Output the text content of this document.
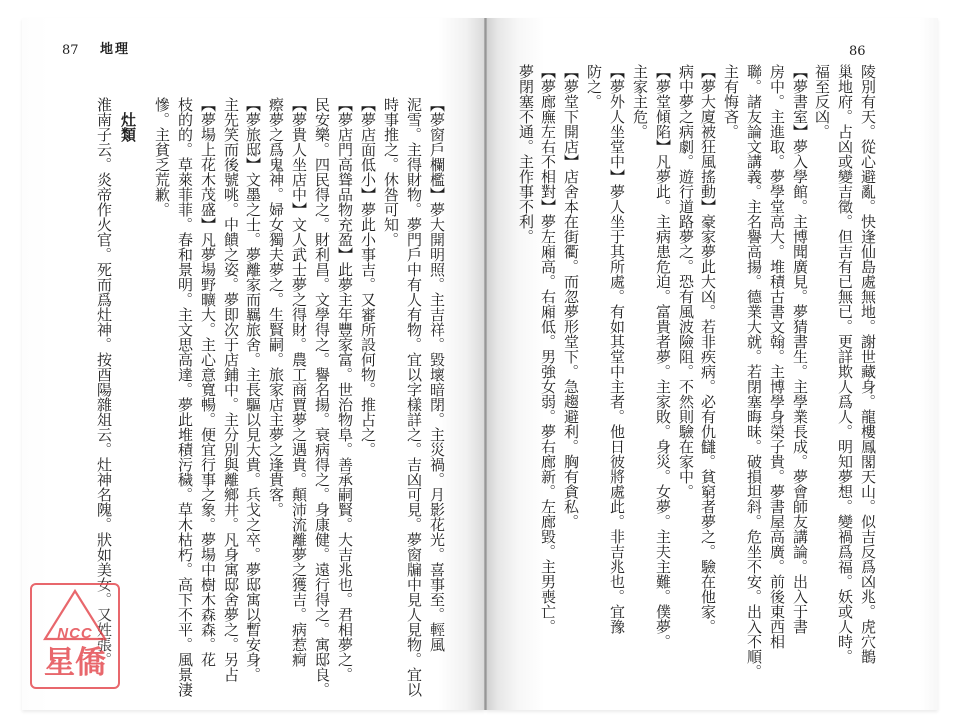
87 地理
【夢窗戶欄檻】夢大開明照。主吉祥。毀壞暗閉。主災禍。月影花光。喜事至。輕風
泥雪。主得財物。夢門戶中有人有物。宜以字樣詳之。吉凶可見。夢窗牖中見人見物。宜以
時事推之。休咎可知。
【夢店面低小】夢此小事吉。又審所設何物。推占之。
【夢店門高聳品物充盈】此夢主年豐家富。世治物阜。善承嗣賢。大吉兆也。君相夢之。
民安樂。四民得之。財利昌。文學得之。譽名揚。衰病得之。身康健。遠行得之。寓邸良。
【夢貴人坐店中】文人武士夢之得財。農工商賈夢之遇貴。顛沛流離夢之獲吉。病惹痾
瘵夢之爲鬼神。婦女獨夫夢之。生賢嗣。旅家店主夢之逢貴客。
【夢旅邸】文墨之士。夢離家而羈旅舍。主長驅以見大貴。兵戈之卒。夢邸寓以暫安身。
主先笑而後號咷。中饋之姿。夢即次于店鋪中。主分別與離鄉井。凡身寓邸舍夢之。另占
【夢場上花木茂盛】凡夢場野曠大。主心意寬暢。便宜行事之象。夢場中樹木森森。花
枝的的。草萊菲菲。春和景明。主文思高達。夢此堆積污穢。草木枯朽。高下不平。風景淒
慘。主貧乏荒歉。
灶類
淮南子云。炎帝作火官。死而爲灶神。按酉陽雜俎云。灶神名隗。狀如美女。又姓張。
86
陵別有天。從心避亂。快逢仙島處無地。謝世藏身。龍樓鳳閣天山。似吉反爲凶兆。虎穴鵲
巢地府。占凶或變吉徵。但吉有已無已。更詳欺人爲人。明知夢想。變禍爲福。妖或人時。
福至反凶。
【夢書室】夢入學館。主博聞廣見。夢猜書生。主學業長成。夢會師友講論。出入于書
房中。主進取。夢學堂高大。堆積古書文翰。主博學身榮子貴。夢書屋高廣。前後東西相
聯。諸友論文講義。主名譽高揚。德業大就。若閉塞晦昧。破損坦斜。危坐不安。出入不順。
主有悔吝。
【夢大廈被狂風搖動】豪家夢此大凶。若非疾病。必有仇讎。貧窮者夢之。驗在他家。
病中夢之病劇。遊行道路夢之。恐有風波險阻。不然則驗在家中。
【夢堂傾陷】凡夢此。主病患危迫。富貴者夢。主家敗。身災。女夢。主夫主難。僕夢。
主家主危。
【夢外人坐堂中】夢人坐于其所處。有如其堂中主者。他日彼將處此。非吉兆也。宜豫
防之。
【夢堂下開店】店舍本在街衢。而忽夢形堂下。急趨避利。胸有貪私。
【夢廊廡左右不相對】夢左廂高。右廂低。男強女弱。夢右廊新。左廊毀。主男喪亡。
夢閉塞不通。主作事不利。
NCC
星僑
